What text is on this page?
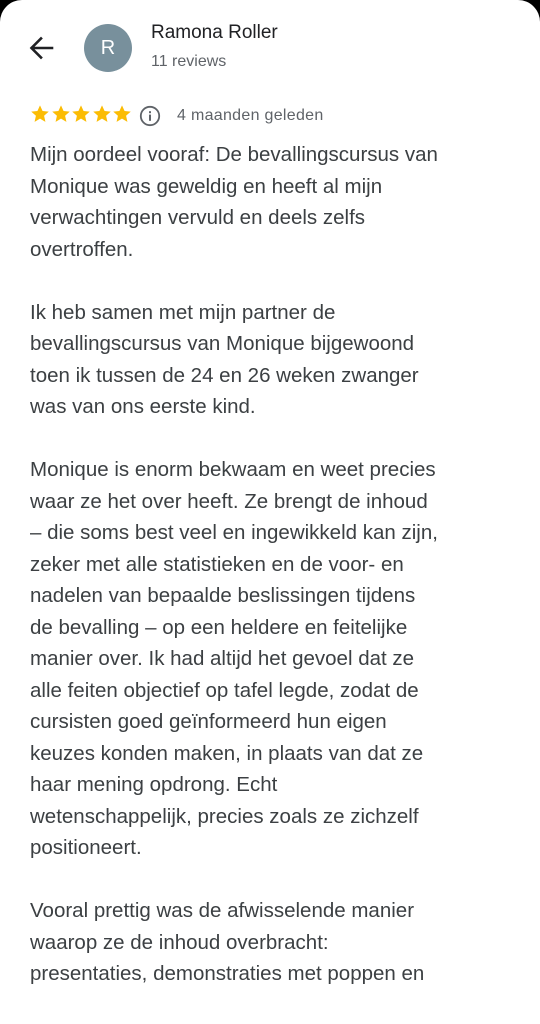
R
Ramona Roller
11 reviews
4 maanden geleden

Mijn oordeel vooraf: De bevallingscursus van
Monique was geweldig en heeft al mijn
verwachtingen vervuld en deels zelfs
overtroffen.

Ik heb samen met mijn partner de
bevallingscursus van Monique bijgewoond
toen ik tussen de 24 en 26 weken zwanger
was van ons eerste kind.

Monique is enorm bekwaam en weet precies
waar ze het over heeft. Ze brengt de inhoud
– die soms best veel en ingewikkeld kan zijn,
zeker met alle statistieken en de voor- en
nadelen van bepaalde beslissingen tijdens
de bevalling – op een heldere en feitelijke
manier over. Ik had altijd het gevoel dat ze
alle feiten objectief op tafel legde, zodat de
cursisten goed geïnformeerd hun eigen
keuzes konden maken, in plaats van dat ze
haar mening opdrong. Echt
wetenschappelijk, precies zoals ze zichzelf
positioneert.

Vooral prettig was de afwisselende manier
waarop ze de inhoud overbracht:
presentaties, demonstraties met poppen en
